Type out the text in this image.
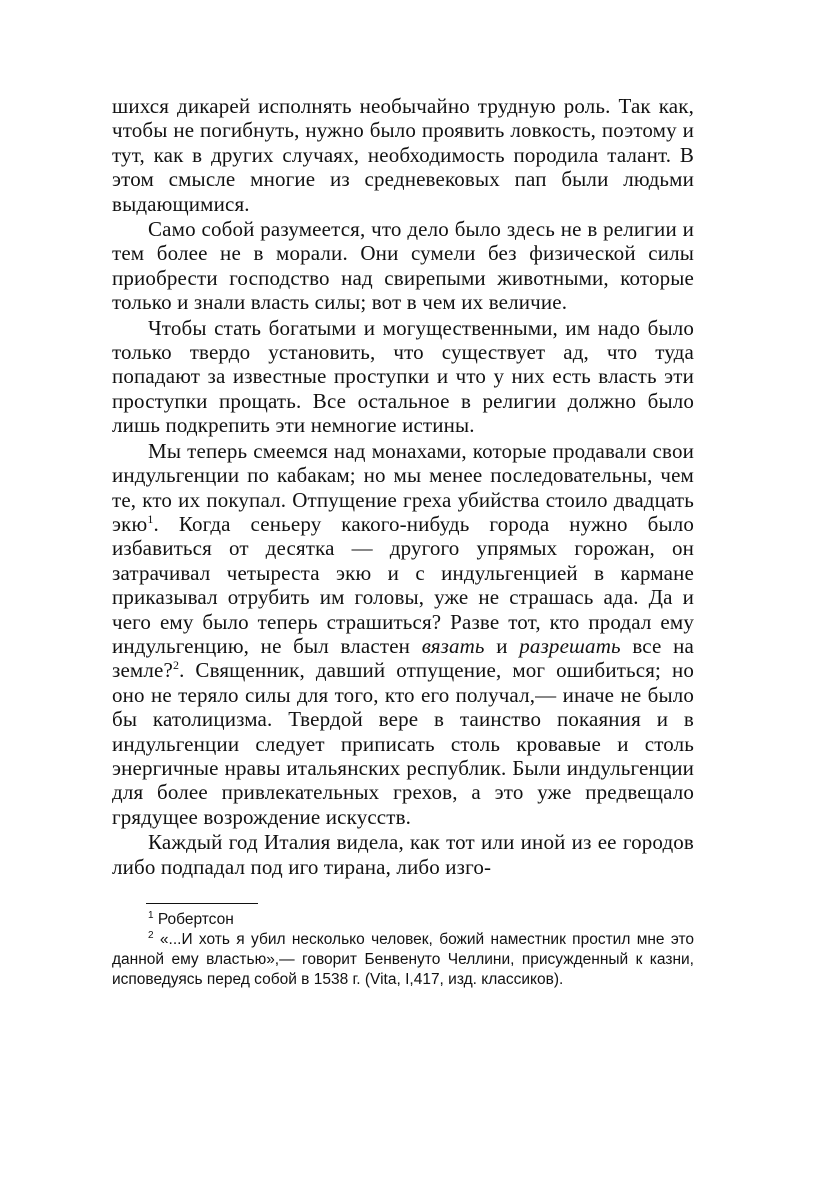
шихся дикарей исполнять необычайно трудную роль. Так как, чтобы не погибнуть, нужно было проявить ловкость, поэтому и тут, как в других случаях, необходимость породила талант. В этом смысле многие из средневековых пап были людьми выдающимися.

Само собой разумеется, что дело было здесь не в религии и тем более не в морали. Они сумели без физической силы приобрести господство над свирепыми животными, которые только и знали власть силы; вот в чем их величие.

Чтобы стать богатыми и могущественными, им надо было только твердо установить, что существует ад, что туда попадают за известные проступки и что у них есть власть эти проступки прощать. Все остальное в религии должно было лишь подкрепить эти немногие истины.

Мы теперь смеемся над монахами, которые продавали свои индульгенции по кабакам; но мы менее последовательны, чем те, кто их покупал. Отпущение греха убийства стоило двадцать экю$^1$. Когда сеньеру какого-нибудь города нужно было избавиться от десятка — другого упрямых горожан, он затрачивал четыреста экю и с индульгенцией в кармане приказывал отрубить им головы, уже не страшась ада. Да и чего ему было теперь страшиться? Разве тот, кто продал ему индульгенцию, не был властен вязать и разрешать все на земле?$^2$. Священник, давший отпущение, мог ошибиться; но оно не теряло силы для того, кто его получал,— иначе не было бы католицизма. Твердой вере в таинство покаяния и в индульгенции следует приписать столь кровавые и столь энергичные нравы итальянских республик. Были индульгенции для более привлекательных грехов, а это уже предвещало грядущее возрождение искусств.

Каждый год Италия видела, как тот или иной из ее городов либо подпадал под иго тирана, либо изго-

$^1$ Робертсон

$^2$ «...И хоть я убил несколько человек, божий наместник простил мне это данной ему властью»,— говорит Бенвенуто Челлини, присужденный к казни, исповедуясь перед собой в 1538 г. (Vita, I,417, изд. классиков).
